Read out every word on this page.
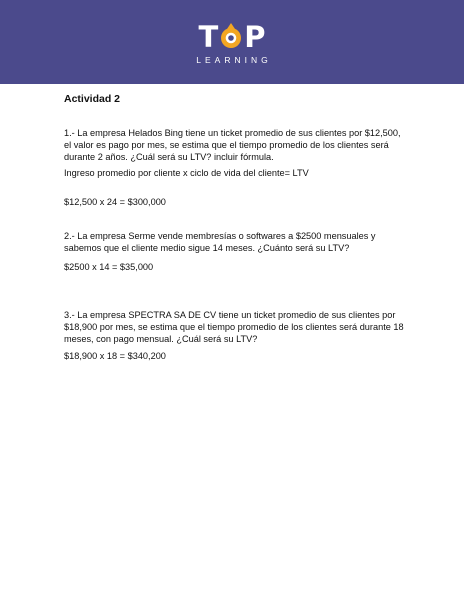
T P
LEARNING
Actividad 2

1.- La empresa Helados Bing tiene un ticket promedio de sus clientes por $12,500, el valor es pago por mes, se estima que el tiempo promedio de los clientes será durante 2 años. ¿Cuál será su LTV? incluir fórmula.

Ingreso promedio por cliente x ciclo de vida del cliente= LTV

$12,500 x 24 = $300,000

2.- La empresa Serme vende membresías o softwares a $2500 mensuales y sabemos que el cliente medio sigue 14 meses. ¿Cuánto será su LTV?

$2500 x 14 = $35,000

3.- La empresa SPECTRA SA DE CV tiene un ticket promedio de sus clientes por $18,900 por mes, se estima que el tiempo promedio de los clientes será durante 18 meses, con pago mensual. ¿Cuál será su LTV?

$18,900 x 18 = $340,200
